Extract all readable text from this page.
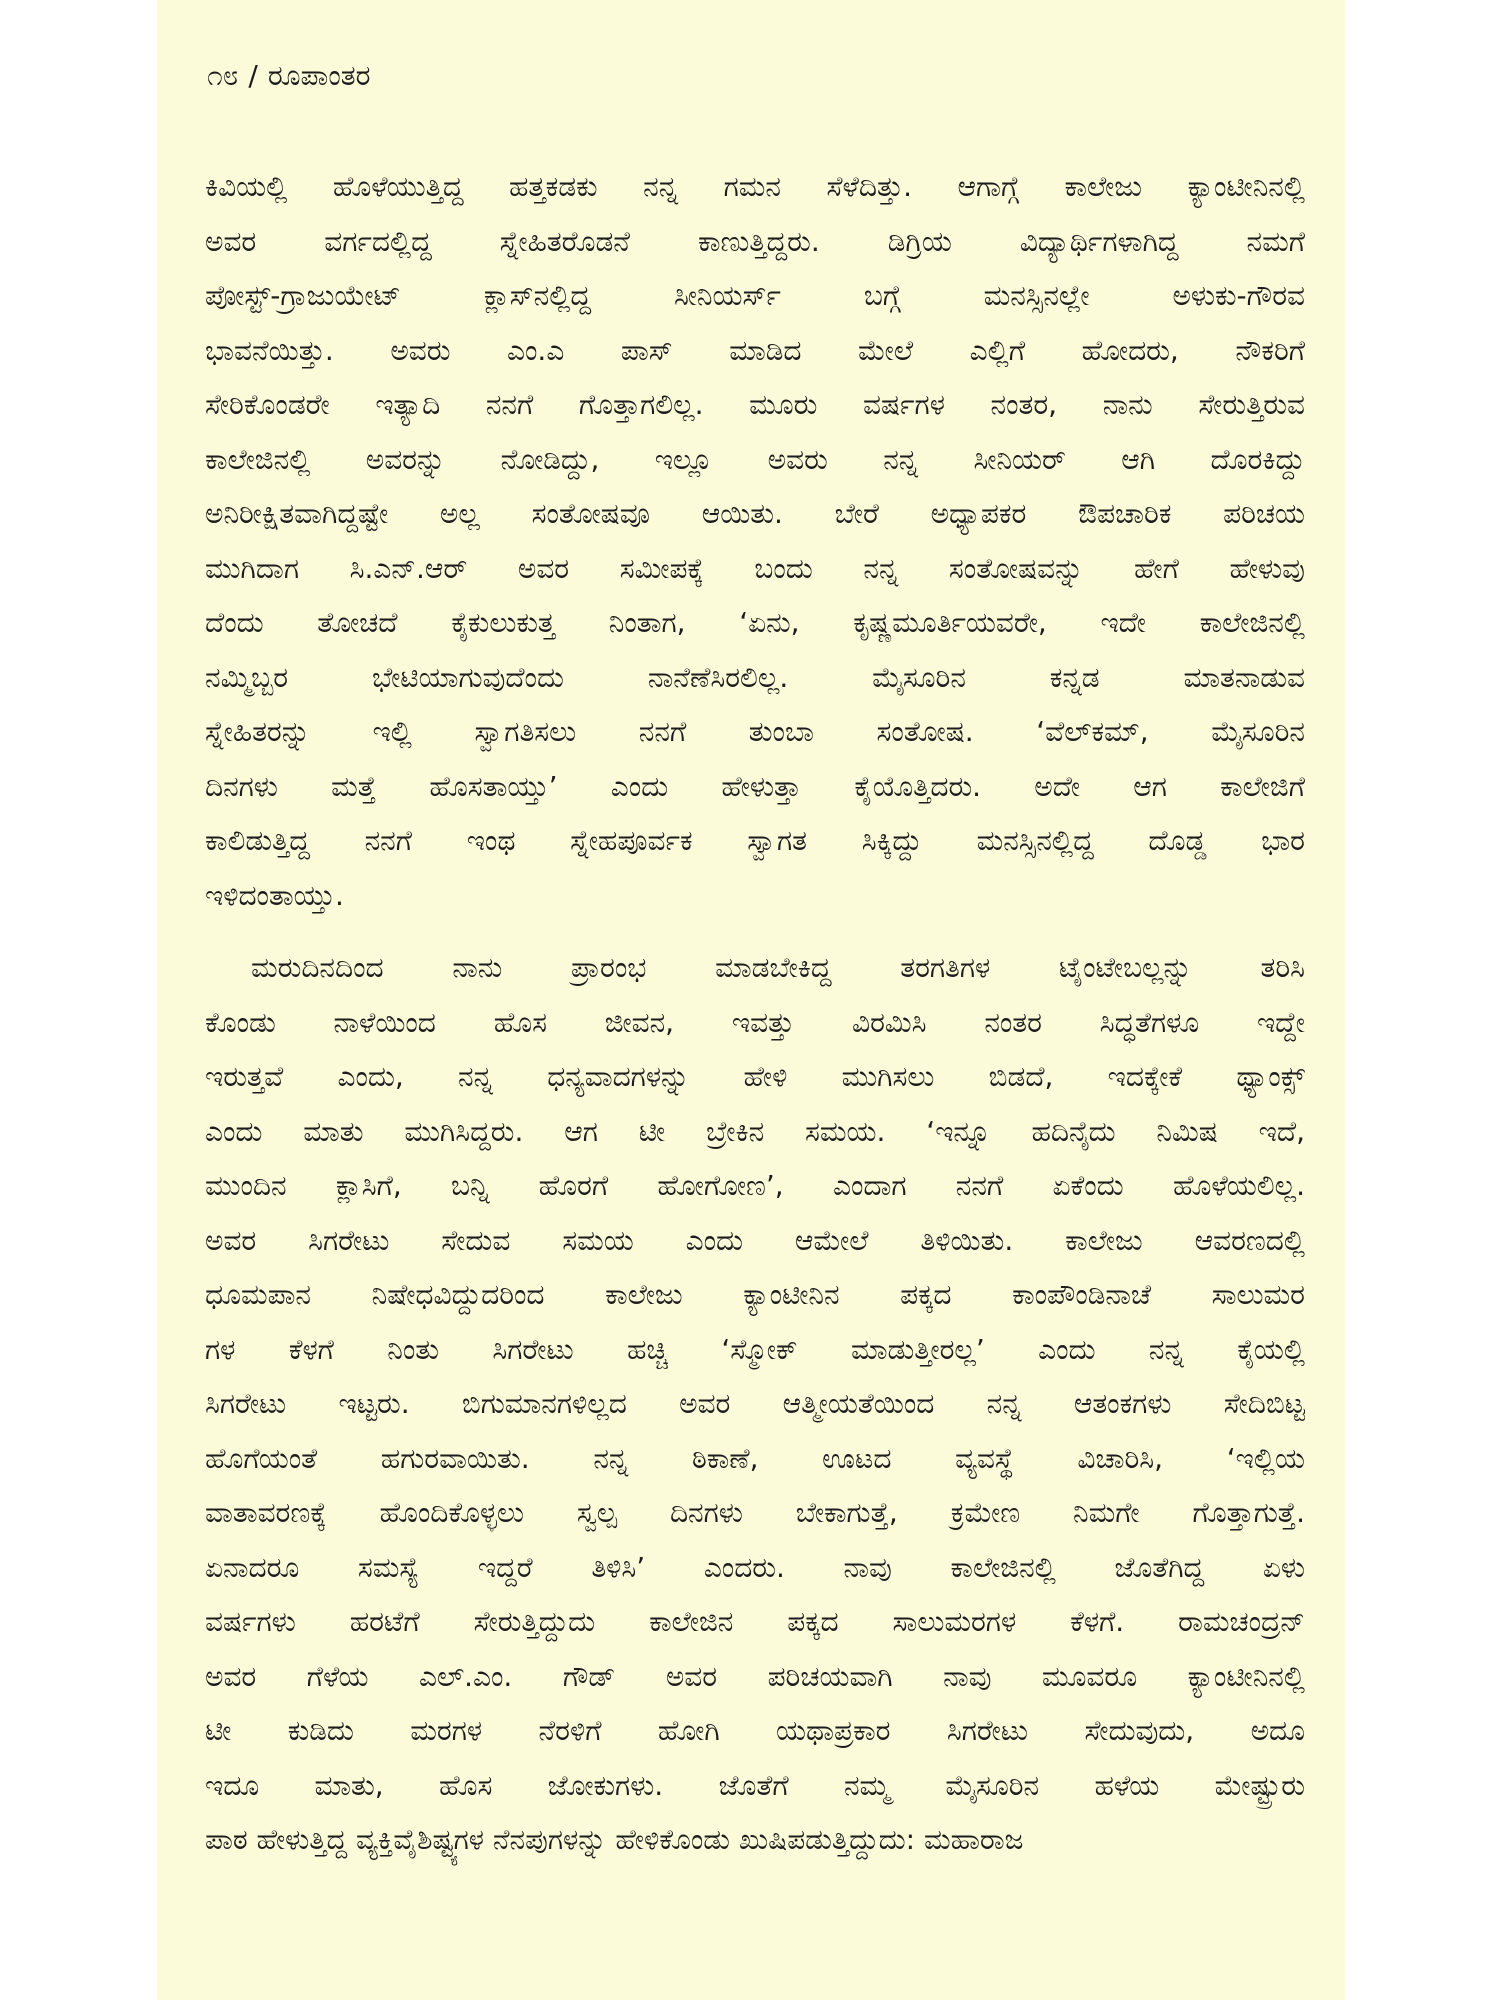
೧೮ / ರೂಪಾಂತರ
ಕಿವಿಯಲ್ಲಿ ಹೊಳೆಯುತ್ತಿದ್ದ ಹತ್ತಕಡಕು ನನ್ನ ಗಮನ ಸೆಳೆದಿತ್ತು. ಆಗಾಗ್ಗೆ ಕಾಲೇಜು ಕ್ಯಾಂಟೀನಿನಲ್ಲಿ
ಅವರ ವರ್ಗದಲ್ಲಿದ್ದ ಸ್ನೇಹಿತರೊಡನೆ ಕಾಣುತ್ತಿದ್ದರು. ಡಿಗ್ರಿಯ ವಿದ್ಯಾರ್ಥಿಗಳಾಗಿದ್ದ ನಮಗೆ
ಪೋಸ್ಟ್-ಗ್ರಾಜುಯೇಟ್ ಕ್ಲಾಸ್‌ನಲ್ಲಿದ್ದ ಸೀನಿಯರ್ಸ್ ಬಗ್ಗೆ ಮನಸ್ಸಿನಲ್ಲೇ ಅಳುಕು-ಗೌರವ
ಭಾವನೆಯಿತ್ತು. ಅವರು ಎಂ.ಎ ಪಾಸ್ ಮಾಡಿದ ಮೇಲೆ ಎಲ್ಲಿಗೆ ಹೋದರು, ನೌಕರಿಗೆ
ಸೇರಿಕೊಂಡರೇ ಇತ್ಯಾದಿ ನನಗೆ ಗೊತ್ತಾಗಲಿಲ್ಲ. ಮೂರು ವರ್ಷಗಳ ನಂತರ, ನಾನು ಸೇರುತ್ತಿರುವ
ಕಾಲೇಜಿನಲ್ಲಿ ಅವರನ್ನು ನೋಡಿದ್ದು, ಇಲ್ಲೂ ಅವರು ನನ್ನ ಸೀನಿಯರ್ ಆಗಿ ದೊರಕಿದ್ದು
ಅನಿರೀಕ್ಷಿತವಾಗಿದ್ದಷ್ಟೇ ಅಲ್ಲ ಸಂತೋಷವೂ ಆಯಿತು. ಬೇರೆ ಅಧ್ಯಾಪಕರ ಔಪಚಾರಿಕ ಪರಿಚಯ
ಮುಗಿದಾಗ ಸಿ.ಎನ್.ಆರ್ ಅವರ ಸಮೀಪಕ್ಕೆ ಬಂದು ನನ್ನ ಸಂತೋಷವನ್ನು ಹೇಗೆ ಹೇಳುವು
ದೆಂದು ತೋಚದೆ ಕೈಕುಲುಕುತ್ತ ನಿಂತಾಗ, ‘ಏನು, ಕೃಷ್ಣಮೂರ್ತಿಯವರೇ, ಇದೇ ಕಾಲೇಜಿನಲ್ಲಿ
ನಮ್ಮಿಬ್ಬರ ಭೇಟಿಯಾಗುವುದೆಂದು ನಾನೆಣೆಸಿರಲಿಲ್ಲ. ಮೈಸೂರಿನ ಕನ್ನಡ ಮಾತನಾಡುವ
ಸ್ನೇಹಿತರನ್ನು ಇಲ್ಲಿ ಸ್ವಾಗತಿಸಲು ನನಗೆ ತುಂಬಾ ಸಂತೋಷ. ‘ವೆಲ್‌ಕಮ್, ಮೈಸೂರಿನ
ದಿನಗಳು ಮತ್ತೆ ಹೊಸತಾಯ್ತು’ ಎಂದು ಹೇಳುತ್ತಾ ಕೈಯೊತ್ತಿದರು. ಅದೇ ಆಗ ಕಾಲೇಜಿಗೆ
ಕಾಲಿಡುತ್ತಿದ್ದ ನನಗೆ ಇಂಥ ಸ್ನೇಹಪೂರ್ವಕ ಸ್ವಾಗತ ಸಿಕ್ಕಿದ್ದು ಮನಸ್ಸಿನಲ್ಲಿದ್ದ ದೊಡ್ಡ ಭಾರ
ಇಳಿದಂತಾಯ್ತು.
ಮರುದಿನದಿಂದ ನಾನು ಪ್ರಾರಂಭ ಮಾಡಬೇಕಿದ್ದ ತರಗತಿಗಳ ಟೈಂಟೇಬಲ್ಲನ್ನು ತರಿಸಿ
ಕೊಂಡು ನಾಳೆಯಿಂದ ಹೊಸ ಜೀವನ, ಇವತ್ತು ವಿರಮಿಸಿ ನಂತರ ಸಿದ್ಧತೆಗಳೂ ಇದ್ದೇ
ಇರುತ್ತವೆ ಎಂದು, ನನ್ನ ಧನ್ಯವಾದಗಳನ್ನು ಹೇಳಿ ಮುಗಿಸಲು ಬಿಡದೆ, ಇದಕ್ಕೇಕೆ ಥ್ಯಾಂಕ್ಸ್
ಎಂದು ಮಾತು ಮುಗಿಸಿದ್ದರು. ಆಗ ಟೀ ಬ್ರೇಕಿನ ಸಮಯ. ‘ಇನ್ನೂ ಹದಿನೈದು ನಿಮಿಷ ಇದೆ,
ಮುಂದಿನ ಕ್ಲಾಸಿಗೆ, ಬನ್ನಿ ಹೊರಗೆ ಹೋಗೋಣ’, ಎಂದಾಗ ನನಗೆ ಏಕೆಂದು ಹೊಳೆಯಲಿಲ್ಲ.
ಅವರ ಸಿಗರೇಟು ಸೇದುವ ಸಮಯ ಎಂದು ಆಮೇಲೆ ತಿಳಿಯಿತು. ಕಾಲೇಜು ಆವರಣದಲ್ಲಿ
ಧೂಮಪಾನ ನಿಷೇಧವಿದ್ದುದರಿಂದ ಕಾಲೇಜು ಕ್ಯಾಂಟೀನಿನ ಪಕ್ಕದ ಕಾಂಪೌಂಡಿನಾಚೆ ಸಾಲುಮರ
ಗಳ ಕೆಳಗೆ ನಿಂತು ಸಿಗರೇಟು ಹಚ್ಚಿ ‘ಸ್ಮೋಕ್ ಮಾಡುತ್ತೀರಲ್ಲ’ ಎಂದು ನನ್ನ ಕೈಯಲ್ಲಿ
ಸಿಗರೇಟು ಇಟ್ಟರು. ಬಿಗುಮಾನಗಳಿಲ್ಲದ ಅವರ ಆತ್ಮೀಯತೆಯಿಂದ ನನ್ನ ಆತಂಕಗಳು ಸೇದಿಬಿಟ್ಟ
ಹೊಗೆಯಂತೆ ಹಗುರವಾಯಿತು. ನನ್ನ ಠಿಕಾಣೆ, ಊಟದ ವ್ಯವಸ್ಥೆ ವಿಚಾರಿಸಿ, ‘ಇಲ್ಲಿಯ
ವಾತಾವರಣಕ್ಕೆ ಹೊಂದಿಕೊಳ್ಳಲು ಸ್ವಲ್ಪ ದಿನಗಳು ಬೇಕಾಗುತ್ತೆ, ಕ್ರಮೇಣ ನಿಮಗೇ ಗೊತ್ತಾಗುತ್ತೆ.
ಏನಾದರೂ ಸಮಸ್ಯೆ ಇದ್ದರೆ ತಿಳಿಸಿ’ ಎಂದರು. ನಾವು ಕಾಲೇಜಿನಲ್ಲಿ ಜೊತೆಗಿದ್ದ ಏಳು
ವರ್ಷಗಳು ಹರಟೆಗೆ ಸೇರುತ್ತಿದ್ದುದು ಕಾಲೇಜಿನ ಪಕ್ಕದ ಸಾಲುಮರಗಳ ಕೆಳಗೆ. ರಾಮಚಂದ್ರನ್
ಅವರ ಗೆಳೆಯ ಎಲ್.ಎಂ. ಗೌಡ್ ಅವರ ಪರಿಚಯವಾಗಿ ನಾವು ಮೂವರೂ ಕ್ಯಾಂಟೀನಿನಲ್ಲಿ
ಟೀ ಕುಡಿದು ಮರಗಳ ನೆರಳಿಗೆ ಹೋಗಿ ಯಥಾಪ್ರಕಾರ ಸಿಗರೇಟು ಸೇದುವುದು, ಅದೂ
ಇದೂ ಮಾತು, ಹೊಸ ಜೋಕುಗಳು. ಜೊತೆಗೆ ನಮ್ಮ ಮೈಸೂರಿನ ಹಳೆಯ ಮೇಷ್ಟ್ರುರು
ಪಾಠ ಹೇಳುತ್ತಿದ್ದ ವ್ಯಕ್ತಿವೈಶಿಷ್ಟ್ಯಗಳ ನೆನಪುಗಳನ್ನು ಹೇಳಿಕೊಂಡು ಖುಷಿಪಡುತ್ತಿದ್ದುದು: ಮಹಾರಾಜ
